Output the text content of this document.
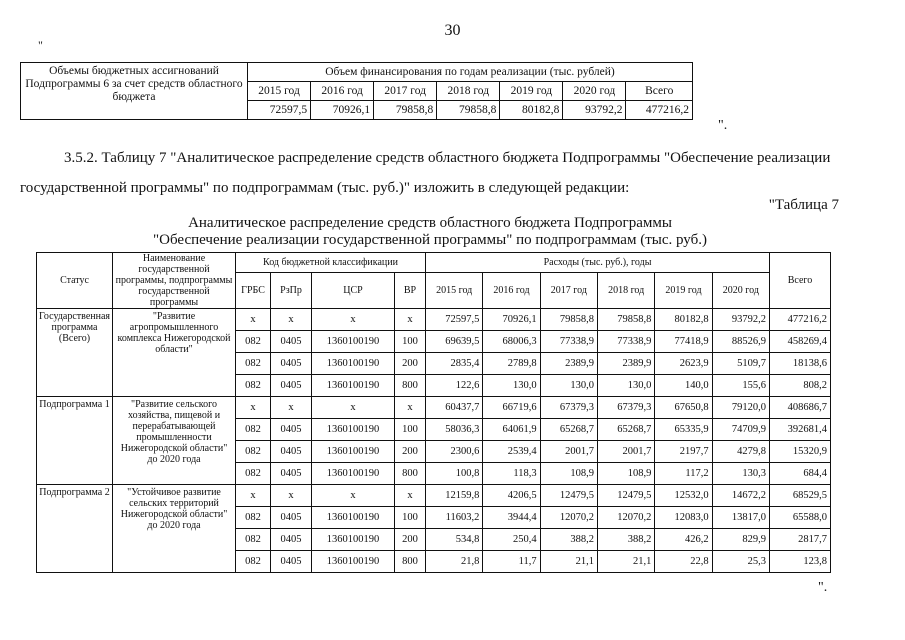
30
"
Объемы бюджетных ассигнований Подпрограммы 6 за счет средств областного бюджета	Объем финансирования по годам реализации (тыс. рублей)						
	2015 год	2016 год	2017 год	2018 год	2019 год	2020 год	Всего
	72597,5	70926,1	79858,8	79858,8	80182,8	93792,2	477216,2
".
3.5.2. Таблицу 7 "Аналитическое распределение средств областного бюджета Подпрограммы "Обеспечение реализации государственной программы" по подпрограммам (тыс. руб.)" изложить в следующей редакции:
"Таблица 7
Аналитическое распределение средств областного бюджета Подпрограммы
"Обеспечение реализации государственной программы" по подпрограммам (тыс. руб.)
Статус	Наименование государственной программы, подпрограммы государственной программы	Код бюджетной классификации				Расходы (тыс. руб.), годы						Всего
		ГРБС	РзПр	ЦСР	ВР	2015 год	2016 год	2017 год	2018 год	2019 год	2020 год	
Государственная программа (Всего)	"Развитие агропромышленного комплекса Нижегородской области"	x	x	x	x	72597,5	70926,1	79858,8	79858,8	80182,8	93792,2	477216,2
		082	0405	1360100190	100	69639,5	68006,3	77338,9	77338,9	77418,9	88526,9	458269,4
		082	0405	1360100190	200	2835,4	2789,8	2389,9	2389,9	2623,9	5109,7	18138,6
		082	0405	1360100190	800	122,6	130,0	130,0	130,0	140,0	155,6	808,2
Подпрограмма 1	"Развитие сельского хозяйства, пищевой и перерабатывающей промышленности Нижегородской области" до 2020 года	x	x	x	x	60437,7	66719,6	67379,3	67379,3	67650,8	79120,0	408686,7
		082	0405	1360100190	100	58036,3	64061,9	65268,7	65268,7	65335,9	74709,9	392681,4
		082	0405	1360100190	200	2300,6	2539,4	2001,7	2001,7	2197,7	4279,8	15320,9
		082	0405	1360100190	800	100,8	118,3	108,9	108,9	117,2	130,3	684,4
Подпрограмма 2	"Устойчивое развитие сельских территорий Нижегородской области" до 2020 года	x	x	x	x	12159,8	4206,5	12479,5	12479,5	12532,0	14672,2	68529,5
		082	0405	1360100190	100	11603,2	3944,4	12070,2	12070,2	12083,0	13817,0	65588,0
		082	0405	1360100190	200	534,8	250,4	388,2	388,2	426,2	829,9	2817,7
		082	0405	1360100190	800	21,8	11,7	21,1	21,1	22,8	25,3	123,8
".
